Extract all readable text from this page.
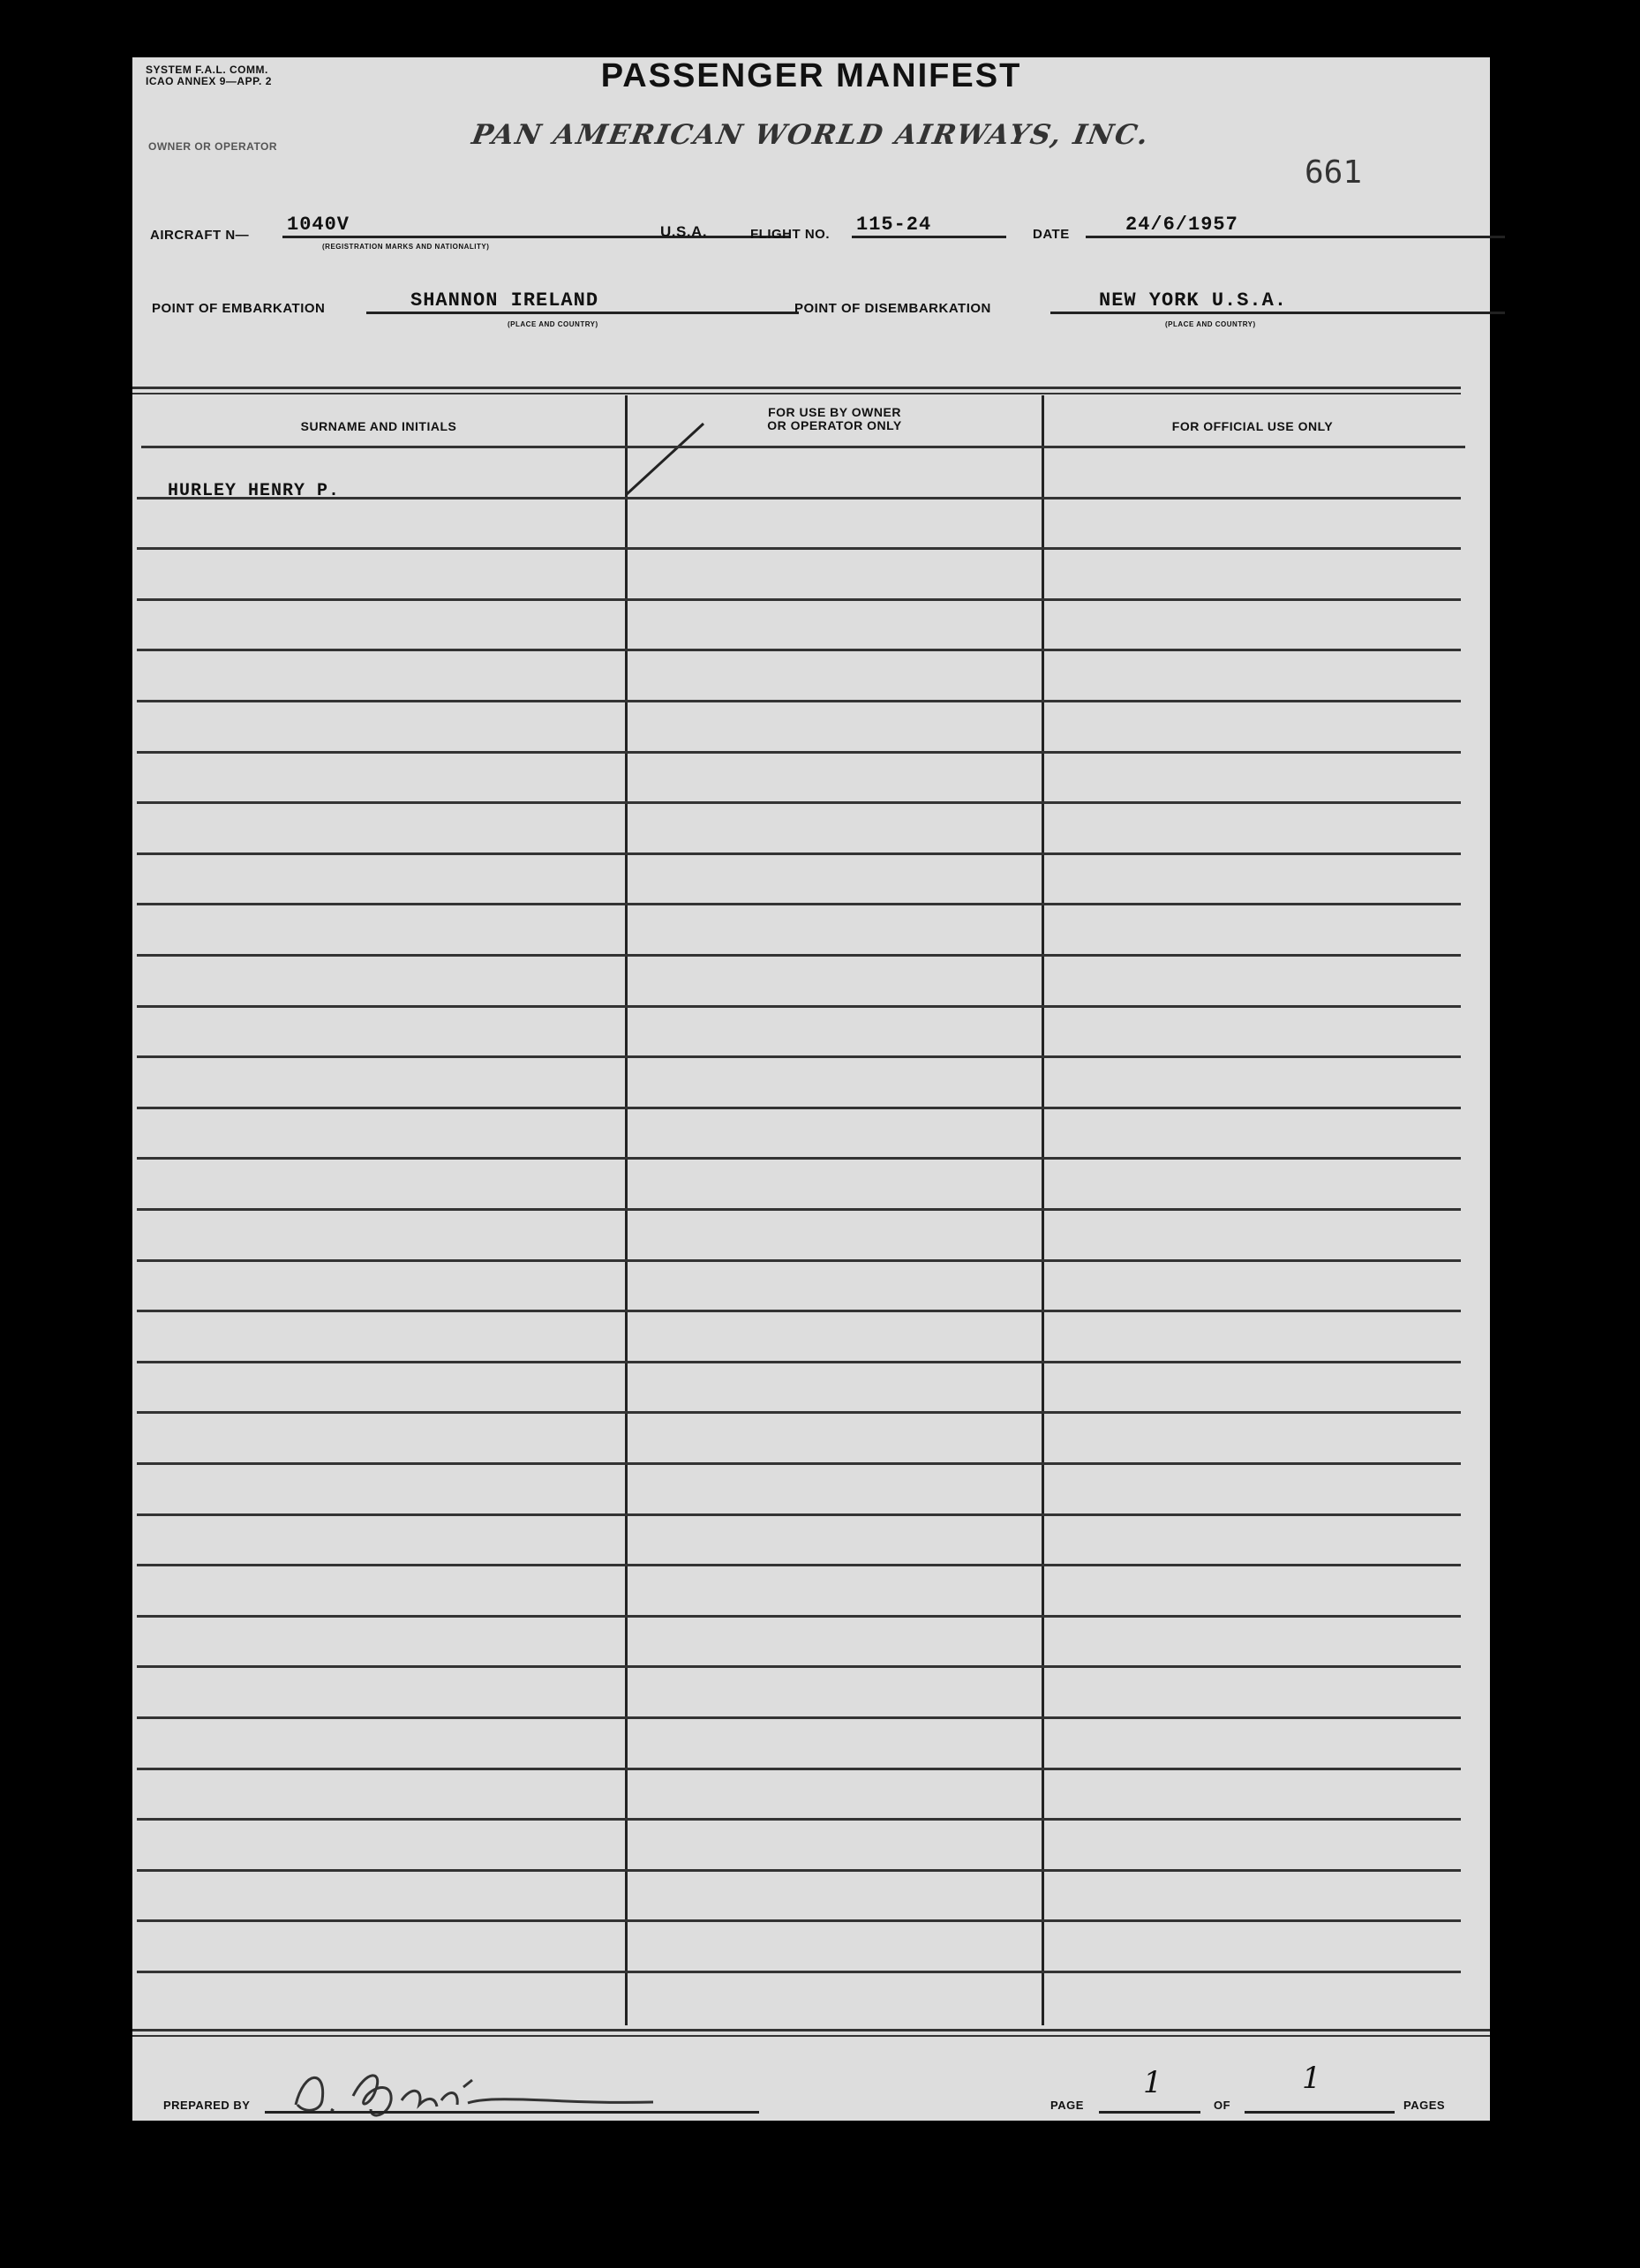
SYSTEM F.A.L. COMM.
ICAO ANNEX 9—APP. 2	PASSENGER MANIFEST
OWNER OR OPERATOR	PAN AMERICAN WORLD AIRWAYS, INC.
661
AIRCRAFT N— 1040V
(REGISTRATION MARKS AND NATIONALITY)
U.S.A.	FLIGHT NO. 115-24	DATE	24/6/1957
POINT OF EMBARKATION	SHANNON IRELAND
(PLACE AND COUNTRY)
POINT OF DISEMBARKATION	NEW YORK U.S.A.
(PLACE AND COUNTRY)
SURNAME AND INITIALS
FOR USE BY OWNER
OR OPERATOR ONLY	FOR OFFICIAL USE ONLY
HURLEY HENRY P.
PREPARED BY	PAGE
1
OF
1
PAGES
